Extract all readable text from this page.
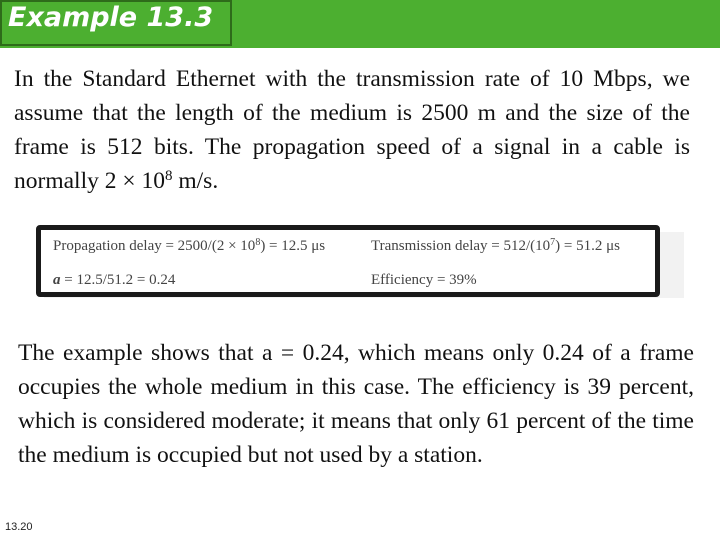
Example 13.3

In the Standard Ethernet with the transmission rate of 10 Mbps, we assume that the length of the medium is 2500 m and the size of the frame is 512 bits. The propagation speed of a signal in a cable is normally $2 \times 10^8$ m/s.

Propagation delay = $2500/(2 \times 10^8) = 12.5$ μs	Transmission delay = $512/(10^7) = 51.2$ μs
a = 12.5/51.2 = 0.24	Efficiency = 39%

The example shows that a = 0.24, which means only 0.24 of a frame occupies the whole medium in this case. The efficiency is 39 percent, which is considered moderate; it means that only 61 percent of the time the medium is occupied but not used by a station.

13.20
